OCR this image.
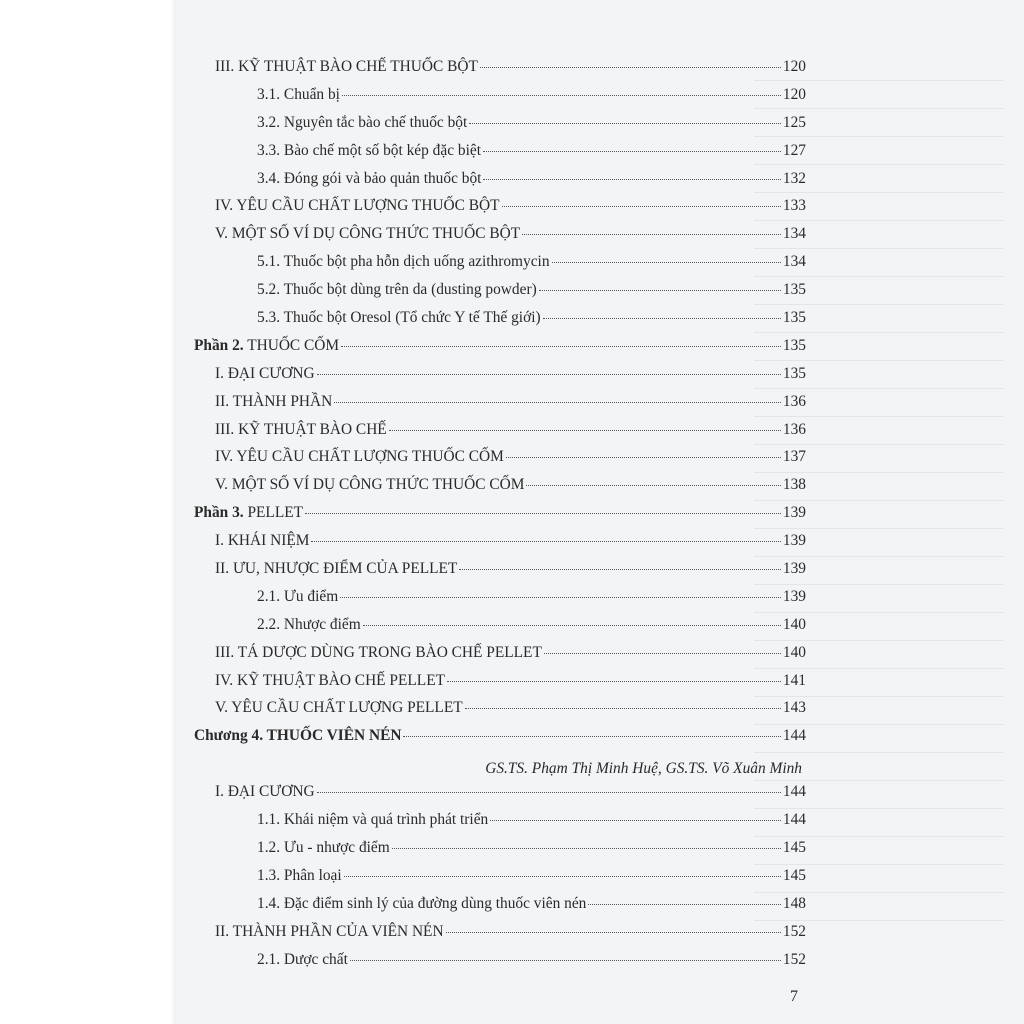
III. KỸ THUẬT BÀO CHẾ THUỐC BỘT	120
3.1. Chuẩn bị	120
3.2. Nguyên tắc bào chế thuốc bột	125
3.3. Bào chế một số bột kép đặc biệt	127
3.4. Đóng gói và bảo quản thuốc bột	132
IV. YÊU CẦU CHẤT LƯỢNG THUỐC BỘT	133
V. MỘT SỐ VÍ DỤ CÔNG THỨC THUỐC BỘT	134
5.1. Thuốc bột pha hỗn dịch uống azithromycin	134
5.2. Thuốc bột dùng trên da (dusting powder)	135
5.3. Thuốc bột Oresol (Tổ chức Y tế Thế giới)	135
Phần 2. THUỐC CỐM	135
I. ĐẠI CƯƠNG	135
II. THÀNH PHẦN	136
III. KỸ THUẬT BÀO CHẾ	136
IV. YÊU CẦU CHẤT LƯỢNG THUỐC CỐM	137
V. MỘT SỐ VÍ DỤ CÔNG THỨC THUỐC CỐM	138
Phần 3. PELLET	139
I. KHÁI NIỆM	139
II. ƯU, NHƯỢC ĐIỂM CỦA PELLET	139
2.1. Ưu điểm	139
2.2. Nhược điểm	140
III. TÁ DƯỢC DÙNG TRONG BÀO CHẾ PELLET	140
IV. KỸ THUẬT BÀO CHẾ PELLET	141
V. YÊU CẦU CHẤT LƯỢNG PELLET	143
Chương 4. THUỐC VIÊN NÉN	144
GS.TS. Phạm Thị Minh Huệ, GS.TS. Võ Xuân Minh
I. ĐẠI CƯƠNG	144
1.1. Khái niệm và quá trình phát triển	144
1.2. Ưu - nhược điểm	145
1.3. Phân loại	145
1.4. Đặc điểm sinh lý của đường dùng thuốc viên nén	148
II. THÀNH PHẦN CỦA VIÊN NÉN	152
2.1. Dược chất	152
7
